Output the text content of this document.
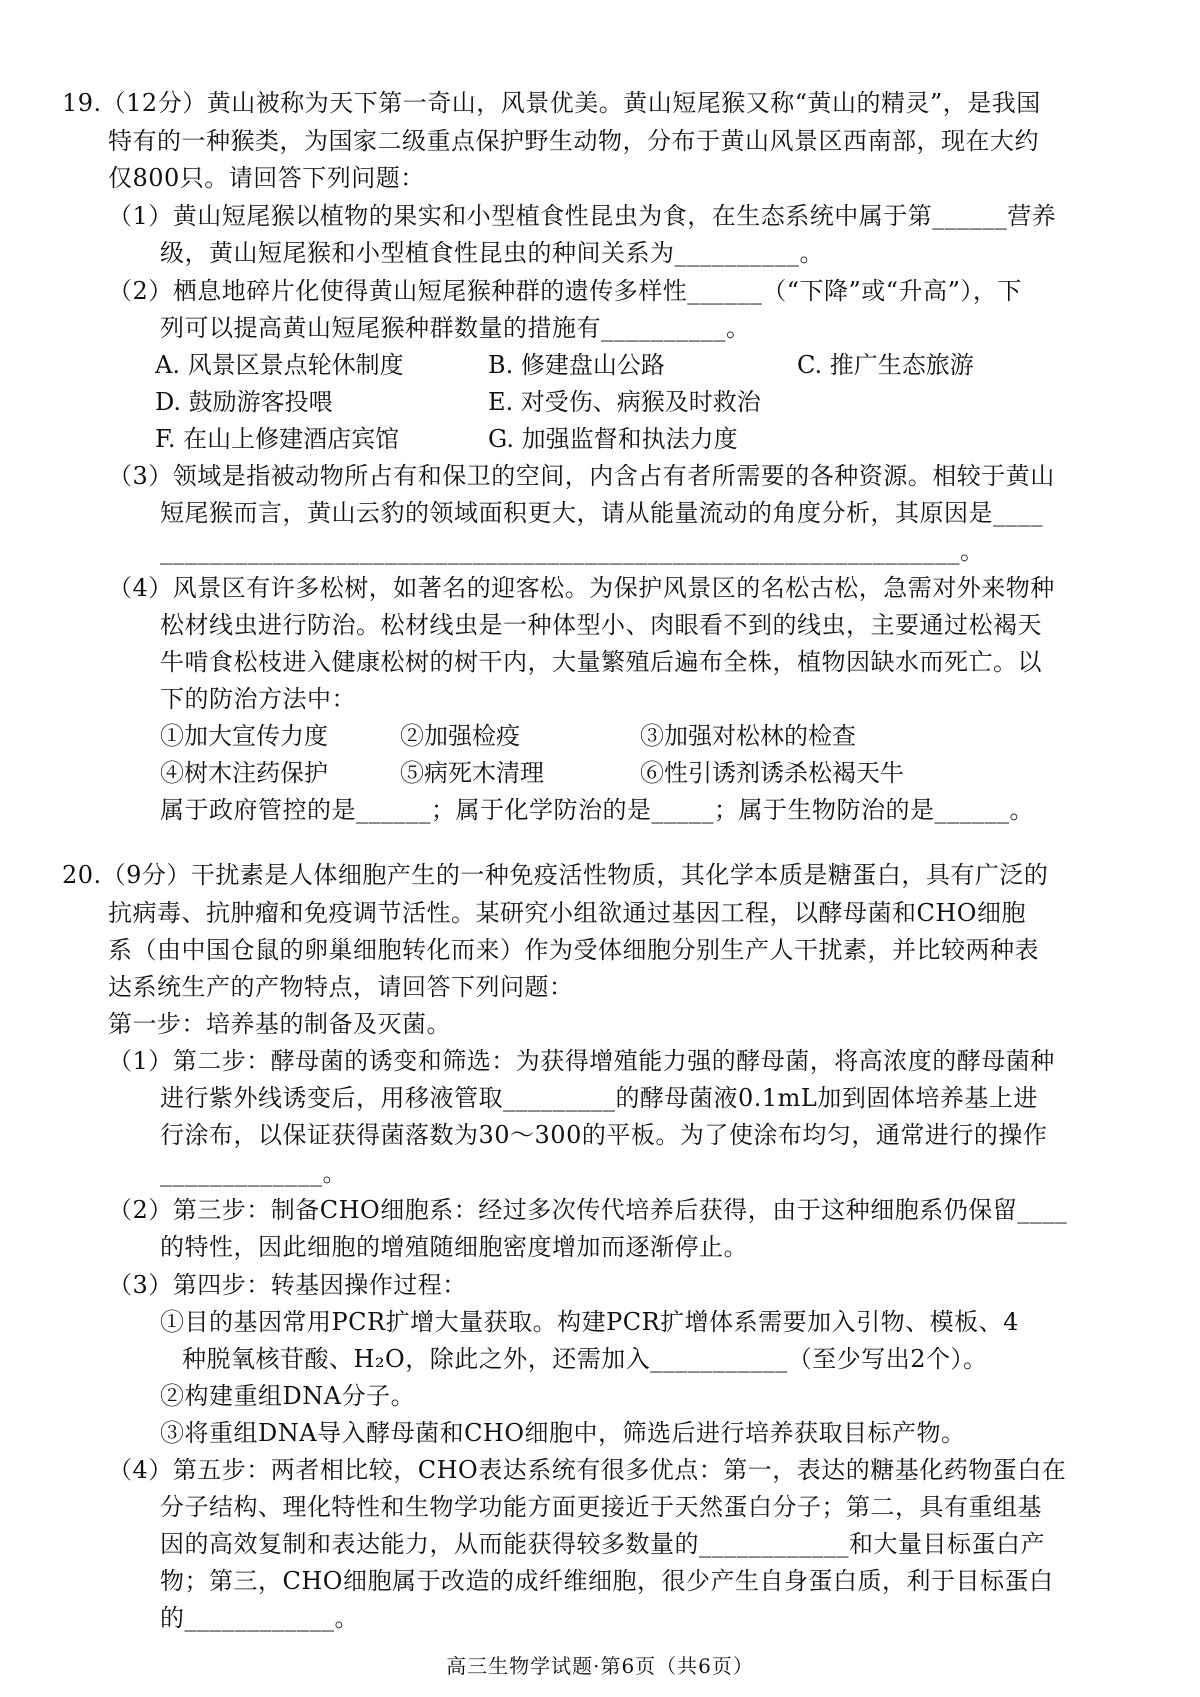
19.（12分）黄山被称为天下第一奇山，风景优美。黄山短尾猴又称“黄山的精灵”，是我国
特有的一种猴类，为国家二级重点保护野生动物，分布于黄山风景区西南部，现在大约
仅800只。请回答下列问题：
（1）黄山短尾猴以植物的果实和小型植食性昆虫为食，在生态系统中属于第______营养
级，黄山短尾猴和小型植食性昆虫的种间关系为__________。
（2）栖息地碎片化使得黄山短尾猴种群的遗传多样性______（“下降”或“升高”），下
列可以提高黄山短尾猴种群数量的措施有__________。
A. 风景区景点轮休制度	B. 修建盘山公路	C. 推广生态旅游
D. 鼓励游客投喂	E. 对受伤、病猴及时救治
F. 在山上修建酒店宾馆	G. 加强监督和执法力度
（3）领域是指被动物所占有和保卫的空间，内含占有者所需要的各种资源。相较于黄山
短尾猴而言，黄山云豹的领域面积更大，请从能量流动的角度分析，其原因是____
________________________________________________________________。
（4）风景区有许多松树，如著名的迎客松。为保护风景区的名松古松，急需对外来物种
松材线虫进行防治。松材线虫是一种体型小、肉眼看不到的线虫，主要通过松褐天
牛啃食松枝进入健康松树的树干内，大量繁殖后遍布全株，植物因缺水而死亡。以
下的防治方法中：
①加大宣传力度	②加强检疫	③加强对松林的检查
④树木注药保护	⑤病死木清理	⑥性引诱剂诱杀松褐天牛
属于政府管控的是______；属于化学防治的是_____；属于生物防治的是______。
20.（9分）干扰素是人体细胞产生的一种免疫活性物质，其化学本质是糖蛋白，具有广泛的
抗病毒、抗肿瘤和免疫调节活性。某研究小组欲通过基因工程，以酵母菌和CHO细胞
系（由中国仓鼠的卵巢细胞转化而来）作为受体细胞分别生产人干扰素，并比较两种表
达系统生产的产物特点，请回答下列问题：
第一步：培养基的制备及灭菌。
（1）第二步：酵母菌的诱变和筛选：为获得增殖能力强的酵母菌，将高浓度的酵母菌种
进行紫外线诱变后，用移液管取_________的酵母菌液0.1mL加到固体培养基上进
行涂布，以保证获得菌落数为30～300的平板。为了使涂布均匀，通常进行的操作
_____________。
（2）第三步：制备CHO细胞系：经过多次传代培养后获得，由于这种细胞系仍保留____
的特性，因此细胞的增殖随细胞密度增加而逐渐停止。
（3）第四步：转基因操作过程：
①目的基因常用PCR扩增大量获取。构建PCR扩增体系需要加入引物、模板、4
种脱氧核苷酸、H₂O，除此之外，还需加入___________（至少写出2个）。
②构建重组DNA分子。
③将重组DNA导入酵母菌和CHO细胞中，筛选后进行培养获取目标产物。
（4）第五步：两者相比较，CHO表达系统有很多优点：第一，表达的糖基化药物蛋白在
分子结构、理化特性和生物学功能方面更接近于天然蛋白分子；第二，具有重组基
因的高效复制和表达能力，从而能获得较多数量的____________和大量目标蛋白产
物；第三，CHO细胞属于改造的成纤维细胞，很少产生自身蛋白质，利于目标蛋白
的____________。
高三生物学试题·第6页（共6页）
